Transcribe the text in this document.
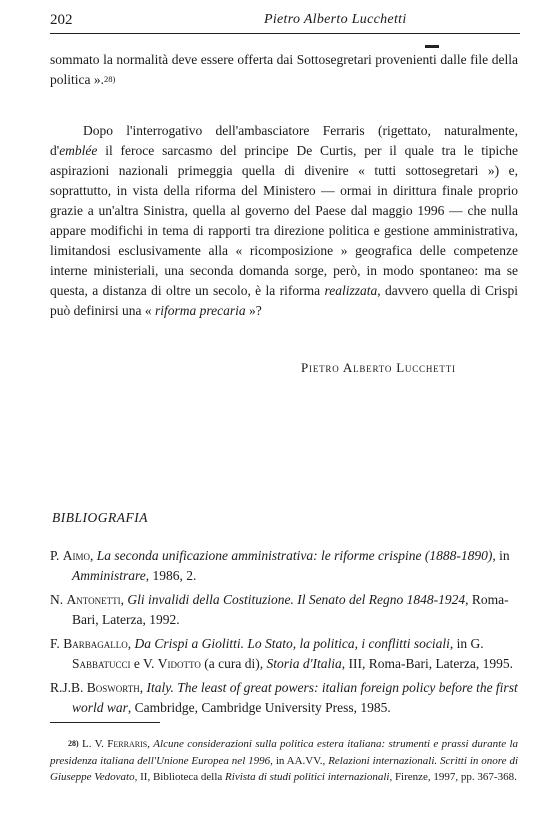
202	Pietro Alberto Lucchetti
sommato la normalità deve essere offerta dai Sottosegretari provenienti dalle file della politica ».$^{28)}$
Dopo l'interrogativo dell'ambasciatore Ferraris (rigettato, naturalmente, d'emblée il feroce sarcasmo del principe De Curtis, per il quale tra le tipiche aspirazioni nazionali primeggia quella di divenire « tutti sottosegretari ») e, soprattutto, in vista della riforma del Ministero — ormai in dirittura finale proprio grazie a un'altra Sinistra, quella al governo del Paese dal maggio 1996 — che nulla appare modifichi in tema di rapporti tra direzione politica e gestione amministrativa, limitandosi esclusivamente alla « ricomposizione » geografica delle competenze interne ministeriali, una seconda domanda sorge, però, in modo spontaneo: ma se questa, a distanza di oltre un secolo, è la riforma realizzata, davvero quella di Crispi può definirsi una « riforma precaria »?
Pietro Alberto Lucchetti
BIBLIOGRAFIA
P. Aimo, La seconda unificazione amministrativa: le riforme crispine (1888-1890), in Amministrare, 1986, 2.
N. Antonetti, Gli invalidi della Costituzione. Il Senato del Regno 1848-1924, Roma-Bari, Laterza, 1992.
F. Barbagallo, Da Crispi a Giolitti. Lo Stato, la politica, i conflitti sociali, in G. Sabbatucci e V. Vidotto (a cura di), Storia d'Italia, III, Roma-Bari, Laterza, 1995.
R.J.B. Bosworth, Italy. The least of great powers: italian foreign policy before the first world war, Cambridge, Cambridge University Press, 1985.
$^{28)}$ L. V. Ferraris, Alcune considerazioni sulla politica estera italiana: strumenti e prassi durante la presidenza italiana dell'Unione Europea nel 1996, in AA.VV., Relazioni internazionali. Scritti in onore di Giuseppe Vedovato, II, Biblioteca della Rivista di studi politici internazionali, Firenze, 1997, pp. 367-368.
